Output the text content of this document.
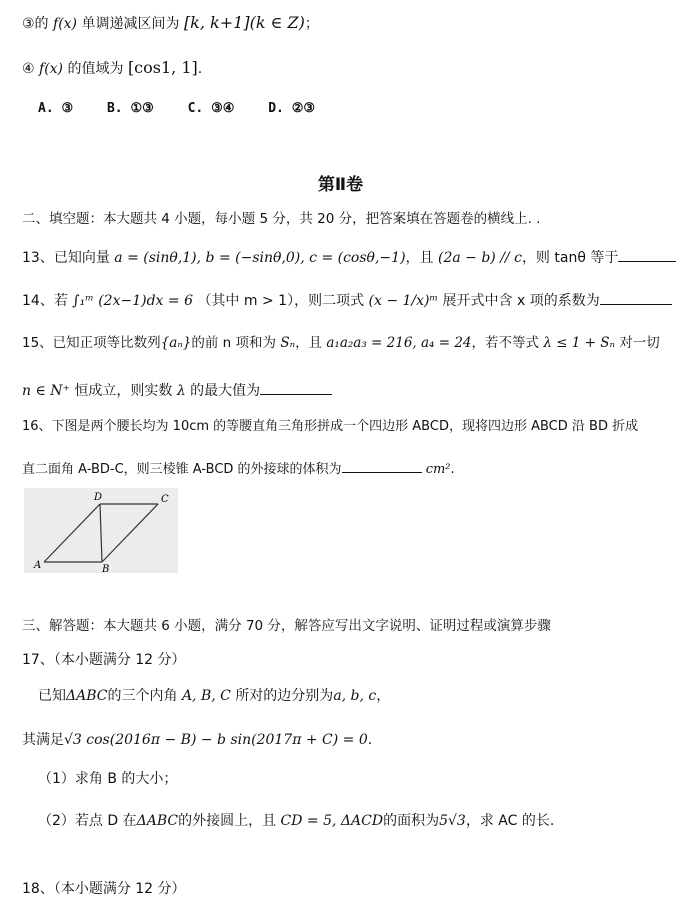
③的 f(x) 单调递减区间为 [k, k+1](k ∈ Z)；
④ f(x) 的值域为 [cos1, 1].
A. ③	B. ①③	C. ③④	D. ②③
第Ⅱ卷
二、填空题：本大题共 4 小题，每小题 5 分，共 20 分，把答案填在答题卷的横线上. .
13、已知向量 a = (sinθ,1), b = (−sinθ,0), c = (cosθ,−1)，且 (2a − b) // c，则 tanθ 等于
14、若 ∫₁ᵐ (2x−1)dx = 6 （其中 m > 1），则二项式 (x − 1/x)ᵐ 展开式中含 x 项的系数为
15、已知正项等比数列{aₙ}的前 n 项和为 Sₙ，且 a₁a₂a₃ = 216, a₄ = 24，若不等式 λ ≤ 1 + Sₙ 对一切
n ∈ N⁺ 恒成立，则实数 λ 的最大值为
16、下图是两个腰长均为 10cm 的等腰直角三角形拼成一个四边形 ABCD，现将四边形 ABCD 沿 BD 折成
直二面角 A-BD-C，则三棱锥 A-BCD 的外接球的体积为	cm².
A	B
C
D
三、解答题：本大题共 6 小题，满分 70 分，解答应写出文字说明、证明过程或演算步骤
17、（本小题满分 12 分）
已知ΔABC的三个内角 A, B, C 所对的边分别为a, b, c，
其满足√3 cos(2016π − B) − b sin(2017π + C) = 0.
（1）求角 B 的大小；
（2）若点 D 在ΔABC的外接圆上，且 CD = 5, ΔACD的面积为5√3，求 AC 的长.
18、（本小题满分 12 分）
